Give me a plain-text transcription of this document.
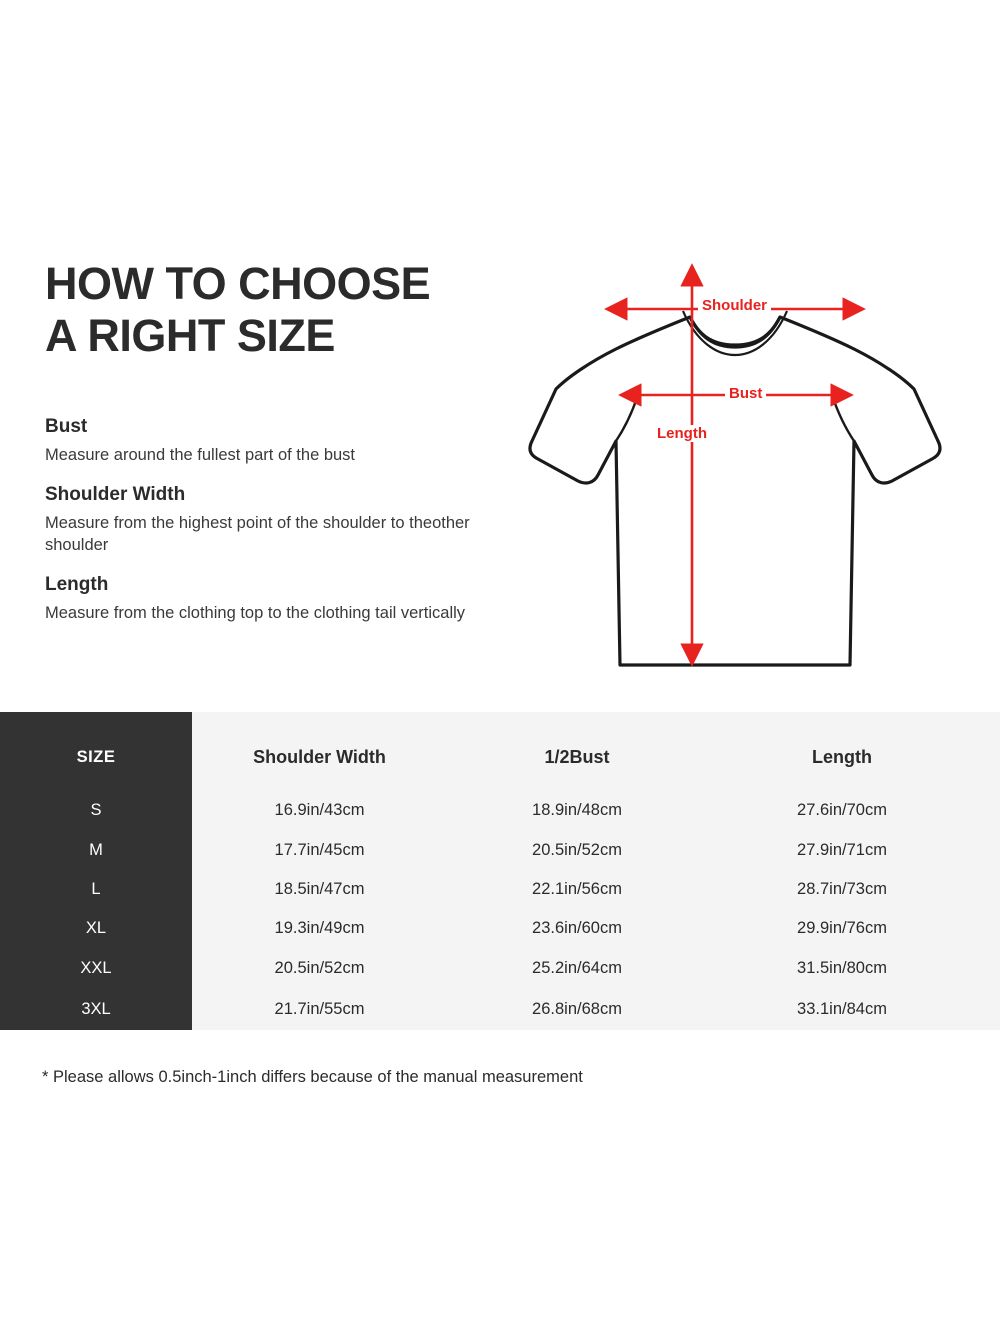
HOW TO CHOOSE
A RIGHT SIZE
Bust
Measure around the fullest part of the bust
Shoulder Width
Measure from the highest point of the shoulder to theother shoulder
Length
Measure from the clothing top to the clothing tail vertically
Shoulder
Bust
Length
SIZE	Shoulder Width	1/2Bust	Length
S	16.9in/43cm	18.9in/48cm	27.6in/70cm
M	17.7in/45cm	20.5in/52cm	27.9in/71cm
L	18.5in/47cm	22.1in/56cm	28.7in/73cm
XL	19.3in/49cm	23.6in/60cm	29.9in/76cm
XXL	20.5in/52cm	25.2in/64cm	31.5in/80cm
3XL	21.7in/55cm	26.8in/68cm	33.1in/84cm
* Please allows 0.5inch-1inch differs because of the manual measurement
